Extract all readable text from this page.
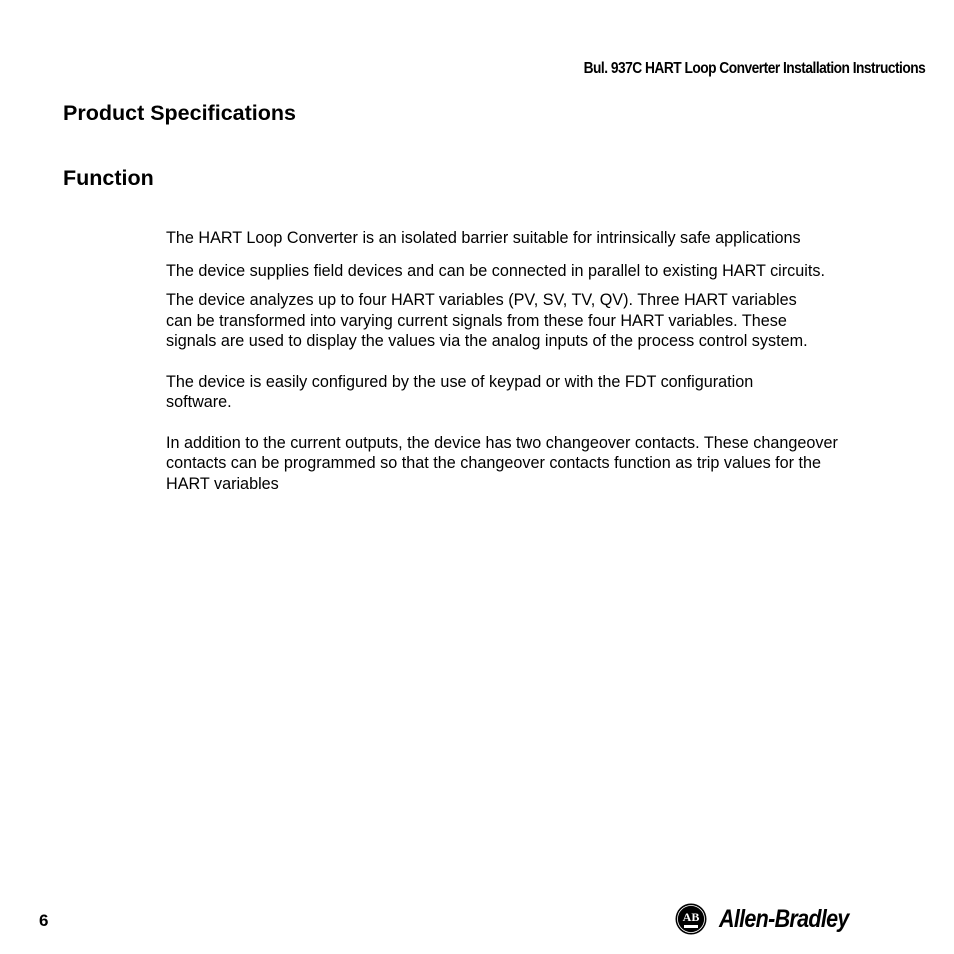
Bul. 937C HART Loop Converter Installation Instructions
Product Specifications
Function

The HART Loop Converter is an isolated barrier suitable for intrinsically safe applications

The device supplies field devices and can be connected in parallel to existing HART circuits.

The device analyzes up to four HART variables (PV, SV, TV, QV). Three HART variables can be transformed into varying current signals from these four HART variables. These signals are used to display the values via the analog inputs of the process control system.

The device is easily configured by the use of keypad or with the FDT configuration software.

In addition to the current outputs, the device has two changeover contacts. These changeover contacts can be programmed so that the changeover contacts function as trip values for the HART variables

6	AB Allen-Bradley
